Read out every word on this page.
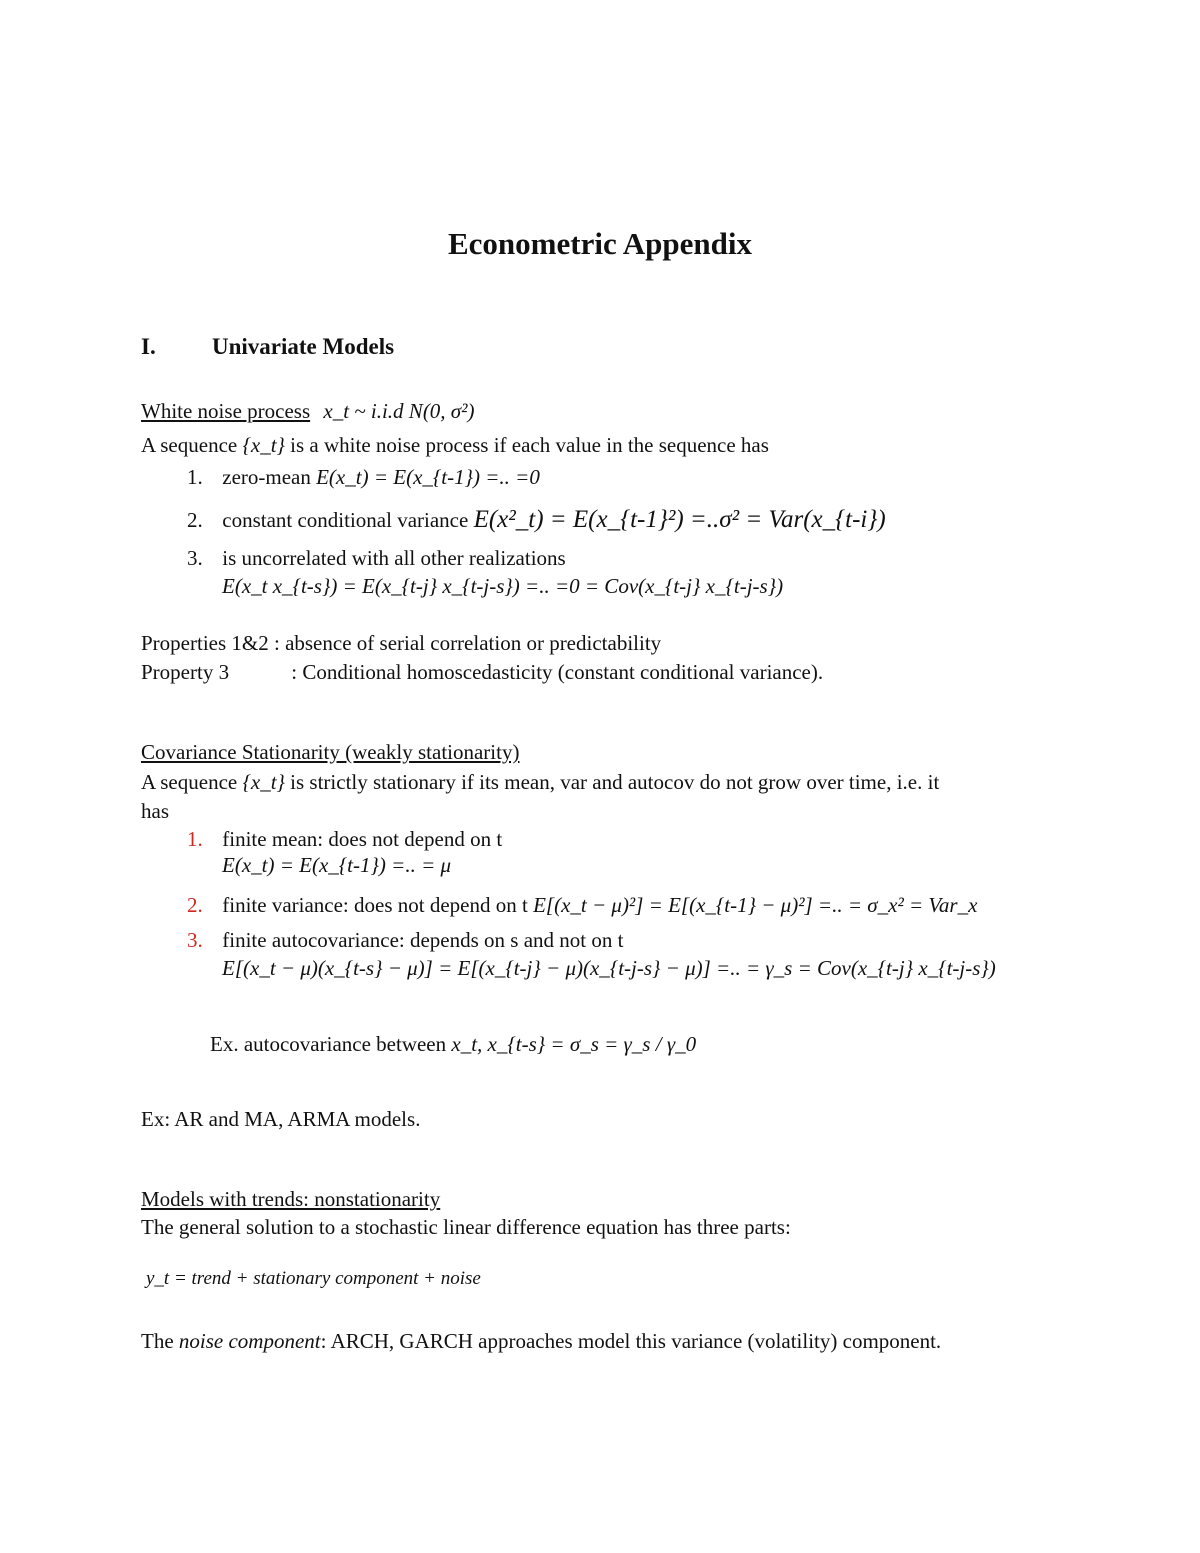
Econometric Appendix
I. Univariate Models
White noise process x_t ~ i.i.d N(0, σ²)
A sequence {x_t} is a white noise process if each value in the sequence has
1. zero-mean E(x_t) = E(x_{t-1}) =.. =0
2. constant conditional variance E(x²_t) = E(x_{t-1}²) =..σ² = Var(x_{t-i})
3. is uncorrelated with all other realizations
E(x_t x_{t-s}) = E(x_{t-j} x_{t-j-s}) =.. =0 = Cov(x_{t-j} x_{t-j-s})
Properties 1&2 : absence of serial correlation or predictability
Property 3	: Conditional homoscedasticity (constant conditional variance).
Covariance Stationarity (weakly stationarity)
A sequence {x_t} is strictly stationary if its mean, var and autocov do not grow over time, i.e. it
has
1. finite mean: does not depend on t
E(x_t) = E(x_{t-1}) =.. = μ
2. finite variance: does not depend on t E[(x_t − μ)²] = E[(x_{t-1} − μ)²] =.. = σ_x² = Var_x
3. finite autocovariance: depends on s and not on t
E[(x_t − μ)(x_{t-s} − μ)] = E[(x_{t-j} − μ)(x_{t-j-s} − μ)] =.. = γ_s = Cov(x_{t-j} x_{t-j-s})
Ex. autocovariance between x_t, x_{t-s} = σ_s = γ_s / γ_0
Ex: AR and MA, ARMA models.
Models with trends: nonstationarity
The general solution to a stochastic linear difference equation has three parts:
y_t = trend + stationary component + noise
The noise component: ARCH, GARCH approaches model this variance (volatility) component.
